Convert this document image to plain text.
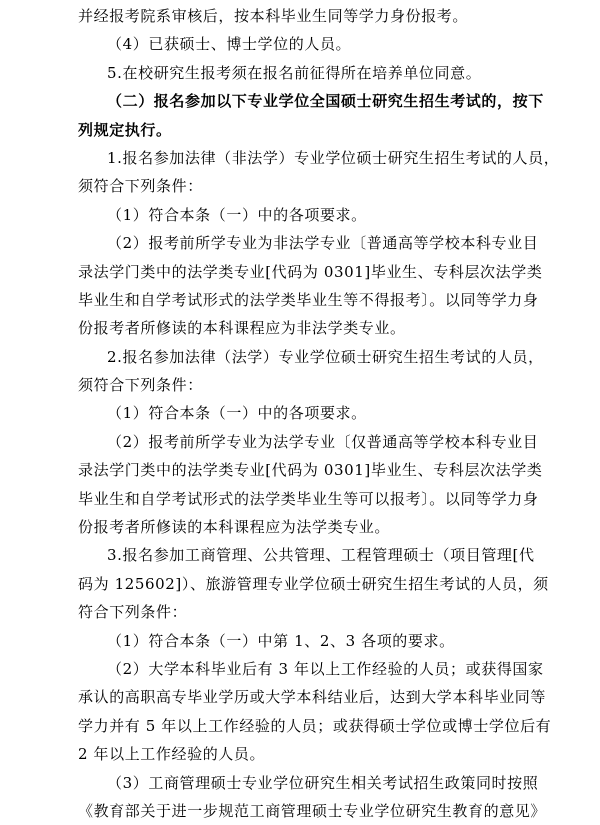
并经报考院系审核后，按本科毕业生同等学力身份报考。
（4）已获硕士、博士学位的人员。
5.在校研究生报考须在报名前征得所在培养单位同意。
（二）报名参加以下专业学位全国硕士研究生招生考试的，按下
列规定执行。
1.报名参加法律（非法学）专业学位硕士研究生招生考试的人员，
须符合下列条件：
（1）符合本条（一）中的各项要求。
（2）报考前所学专业为非法学专业〔普通高等学校本科专业目
录法学门类中的法学类专业[代码为 0301]毕业生、专科层次法学类
毕业生和自学考试形式的法学类毕业生等不得报考〕。以同等学力身
份报考者所修读的本科课程应为非法学类专业。
2.报名参加法律（法学）专业学位硕士研究生招生考试的人员，
须符合下列条件：
（1）符合本条（一）中的各项要求。
（2）报考前所学专业为法学专业〔仅普通高等学校本科专业目
录法学门类中的法学类专业[代码为 0301]毕业生、专科层次法学类
毕业生和自学考试形式的法学类毕业生等可以报考〕。以同等学力身
份报考者所修读的本科课程应为法学类专业。
3.报名参加工商管理、公共管理、工程管理硕士（项目管理[代
码为 125602]）、旅游管理专业学位硕士研究生招生考试的人员，须
符合下列条件：
（1）符合本条（一）中第 1、2、3 各项的要求。
（2）大学本科毕业后有 3 年以上工作经验的人员；或获得国家
承认的高职高专毕业学历或大学本科结业后，达到大学本科毕业同等
学力并有 5 年以上工作经验的人员；或获得硕士学位或博士学位后有
2 年以上工作经验的人员。
（3）工商管理硕士专业学位研究生相关考试招生政策同时按照
《教育部关于进一步规范工商管理硕士专业学位研究生教育的意见》
